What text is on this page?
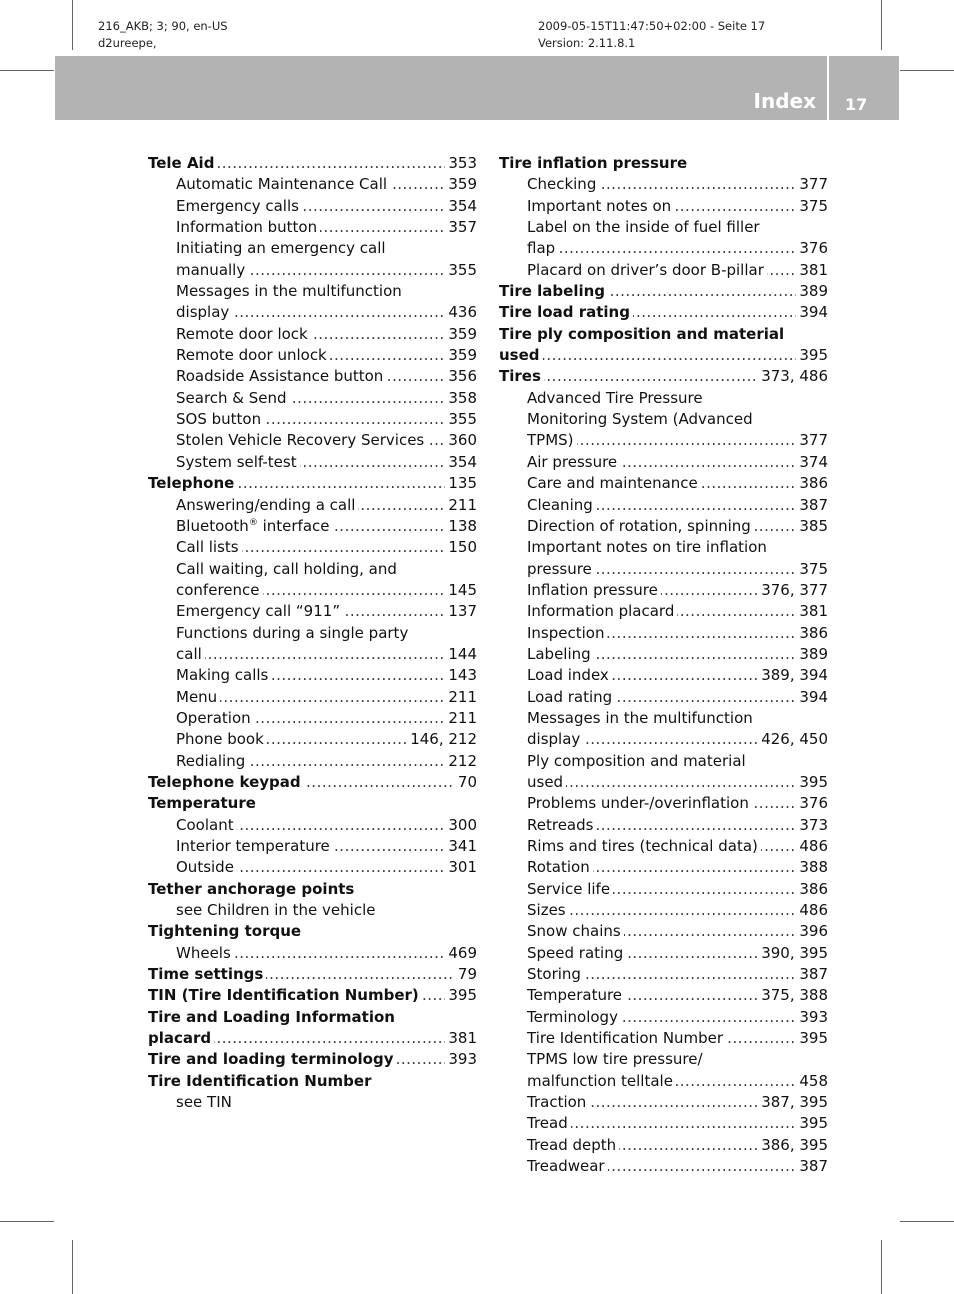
216_AKB; 3; 90, en-US
d2ureepe,
2009-05-15T11:47:50+02:00 - Seite 17
Version: 2.11.8.1
Index 17
Tele Aid	353
.....
Automatic Maintenance Call	359
.....
Emergency calls	354
.....
Information button	357
.....
Initiating an emergency call
manually	355
.....
Messages in the multifunction
display	436
.....
Remote door lock	359
.....
Remote door unlock	359
.....
Roadside Assistance button	356
.....
Search & Send	358
.....
SOS button	355
.....
Stolen Vehicle Recovery Services 360
.....
System self-test	354
.....
Telephone	135
.....
Answering/ending a call	211
.....
Bluetooth® interface	138
.....
Call lists	150
.....
Call waiting, call holding, and
conference	145
.....
Emergency call “911”	137
.....
Functions during a single party
call	144
.....
Making calls	143
.....
Menu	211
.....
Operation	211
.....
Phone book	146, 212
.....
Redialing	212
.....
Telephone keypad	70
.....
Temperature
Coolant	300
.....
Interior temperature	341
.....
Outside	301
.....
Tether anchorage points
see Children in the vehicle
Tightening torque
Wheels	469
.....
Time settings	79
.....
TIN (Tire Identification Number) 395
.....
Tire and Loading Information
placard	381
.....
Tire and loading terminology	393
.....
Tire Identification Number
see TIN
Tire inflation pressure
Checking	377
.....
Important notes on	375
.....
Label on the inside of fuel filler
flap	376
.....
Placard on driver’s door B-pillar 381
.....
Tire labeling	389
.....
Tire load rating	394
.....
Tire ply composition and material
used	395
.....
Tires	373, 486
.....
Advanced Tire Pressure
Monitoring System (Advanced
TPMS)	377
.....
Air pressure	374
.....
Care and maintenance	386
.....
Cleaning	387
.....
Direction of rotation, spinning	385
.....
Important notes on tire inflation
pressure	375
.....
Inflation pressure	376, 377
.....
Information placard	381
.....
Inspection	386
.....
Labeling	389
.....
Load index	389, 394
.....
Load rating	394
.....
Messages in the multifunction
display	426, 450
.....
Ply composition and material
used	395
.....
Problems under-/overinflation	376
.....
Retreads	373
.....
Rims and tires (technical data)	486
.....
Rotation	388
.....
Service life	386
.....
Sizes	486
.....
Snow chains	396
.....
Speed rating	390, 395
.....
Storing	387
.....
Temperature	375, 388
.....
Terminology	393
.....
Tire Identification Number	395
.....
TPMS low tire pressure/
malfunction telltale	458
.....
Traction	387, 395
.....
Tread	395
.....
Tread depth	386, 395
.....
Treadwear	387
.....
